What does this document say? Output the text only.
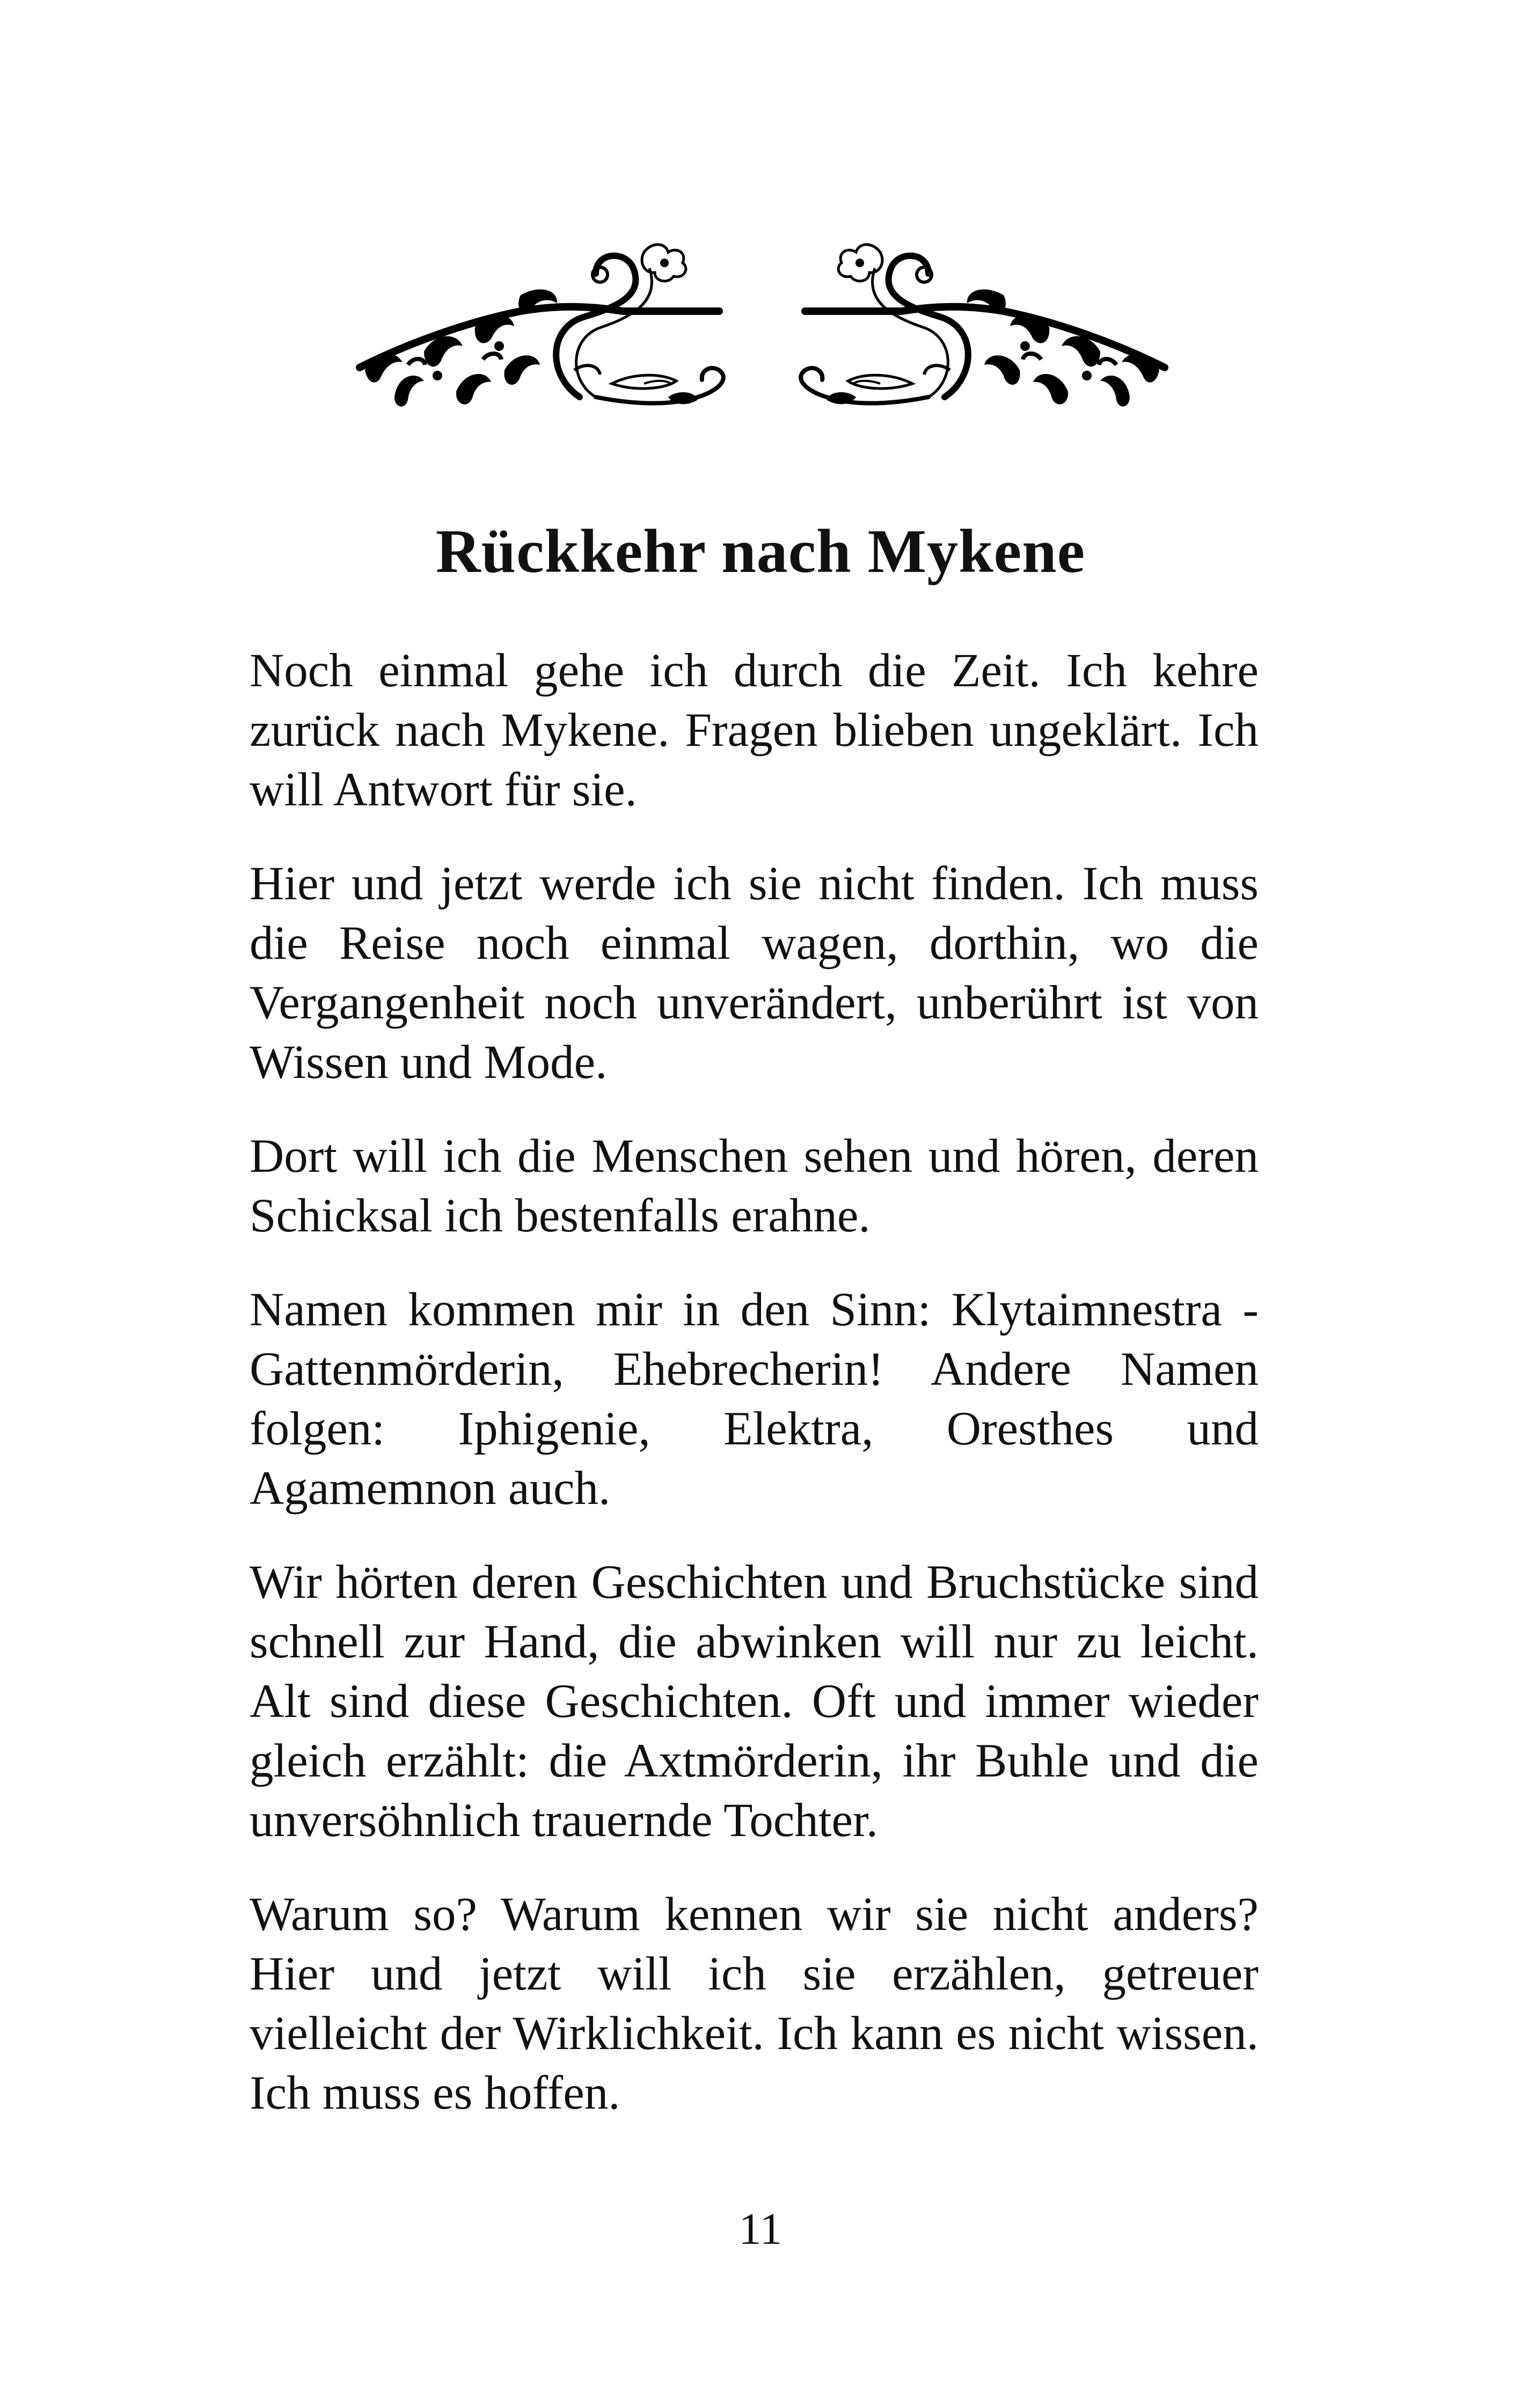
Rückkehr nach Mykene

Noch einmal gehe ich durch die Zeit. Ich kehre zurück nach Mykene. Fragen blieben ungeklärt. Ich will Antwort für sie.

Hier und jetzt werde ich sie nicht finden. Ich muss die Reise noch einmal wagen, dorthin, wo die Vergangenheit noch unverändert, unberührt ist von Wissen und Mode.

Dort will ich die Menschen sehen und hören, deren Schicksal ich bestenfalls erahne.

Namen kommen mir in den Sinn: Klytaimnestra - Gattenmörderin, Ehebrecherin! Andere Namen folgen: Iphigenie, Elektra, Oresthes und Agamemnon auch.

Wir hörten deren Geschichten und Bruchstücke sind schnell zur Hand, die abwinken will nur zu leicht. Alt sind diese Geschichten. Oft und immer wieder gleich erzählt: die Axtmörderin, ihr Buhle und die unversöhnlich trauernde Tochter.

Warum so? Warum kennen wir sie nicht anders? Hier und jetzt will ich sie erzählen, getreuer vielleicht der Wirklichkeit. Ich kann es nicht wissen. Ich muss es hoffen.

11
